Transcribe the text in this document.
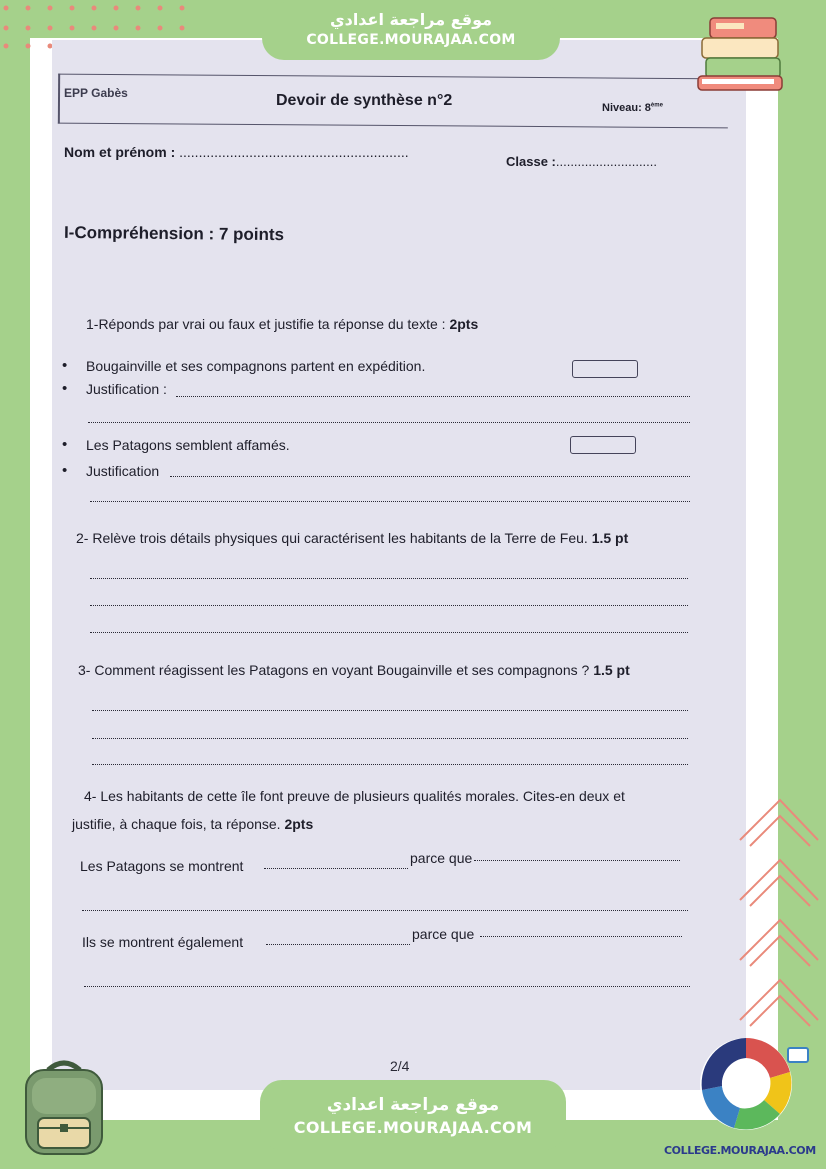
EPP Gabès	Devoir de synthèse n°2	Niveau: 8ème
Nom et prénom : ...........................................................
Classe :............................
I-Compréhension : 7 points
1-Réponds par vrai ou faux et justifie ta réponse du texte : 2pts
• Bougainville et ses compagnons partent en expédition.
• Justification :
• Les Patagons semblent affamés.
• Justification
2- Relève trois détails physiques qui caractérisent les habitants de la Terre de Feu. 1.5 pt
3- Comment réagissent les Patagons en voyant Bougainville et ses compagnons ? 1.5 pt
4- Les habitants de cette île font preuve de plusieurs qualités morales. Cites-en deux et
justifie, à chaque fois, ta réponse. 2pts
Les Patagons se montrent	parce que
Ils se montrent également	parce que
2/4
موقع مراجعة اعدادي
COLLEGE.MOURAJAA.COM
موقع مراجعة اعدادي
COLLEGE.MOURAJAA.COM
COLLEGE.MOURAJAA.COM
